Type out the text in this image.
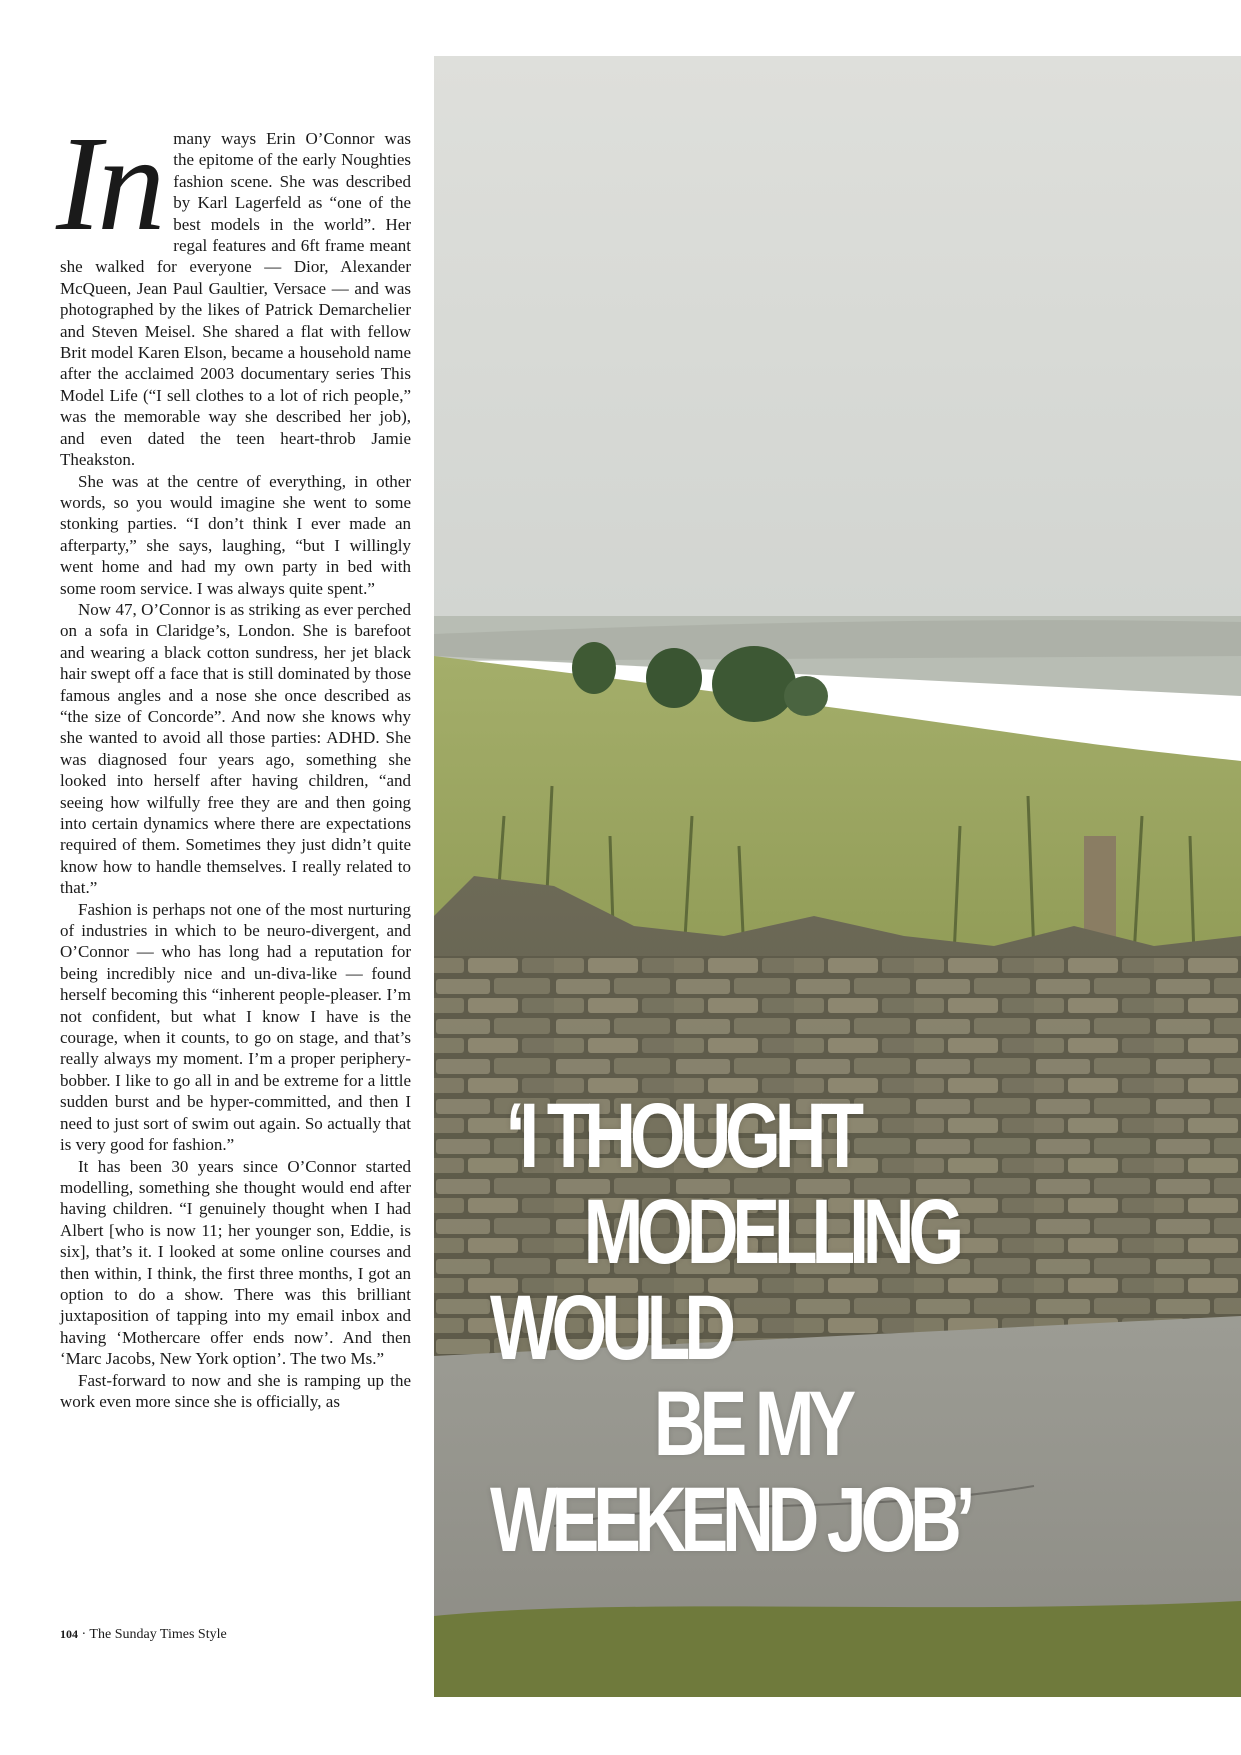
In many ways Erin O’Connor was the epitome of the early Noughties fashion scene. She was described by Karl Lagerfeld as “one of the best models in the world”. Her regal features and 6ft frame meant she walked for everyone — Dior, Alexander McQueen, Jean Paul Gaultier, Versace — and was photographed by the likes of Patrick Demarchelier and Steven Meisel. She shared a flat with fellow Brit model Karen Elson, became a household name after the acclaimed 2003 documentary series This Model Life (“I sell clothes to a lot of rich people,” was the memorable way she described her job), and even dated the teen heart-throb Jamie Theakston.

She was at the centre of everything, in other words, so you would imagine she went to some stonking parties. “I don’t think I ever made an afterparty,” she says, laughing, “but I willingly went home and had my own party in bed with some room service. I was always quite spent.”

Now 47, O’Connor is as striking as ever perched on a sofa in Claridge’s, London. She is barefoot and wearing a black cotton sundress, her jet black hair swept off a face that is still dominated by those famous angles and a nose she once described as “the size of Concorde”. And now she knows why she wanted to avoid all those parties: ADHD. She was diagnosed four years ago, something she looked into herself after having children, “and seeing how wilfully free they are and then going into certain dynamics where there are expectations required of them. Sometimes they just didn’t quite know how to handle themselves. I really related to that.”

Fashion is perhaps not one of the most nurturing of industries in which to be neuro-divergent, and O’Connor — who has long had a reputation for being incredibly nice and un-diva-like — found herself becoming this “inherent people-pleaser. I’m not confident, but what I know I have is the courage, when it counts, to go on stage, and that’s really always my moment. I’m a proper periphery-bobber. I like to go all in and be extreme for a little sudden burst and be hyper-committed, and then I need to just sort of swim out again. So actually that is very good for fashion.”

It has been 30 years since O’Connor started modelling, something she thought would end after having children. “I genuinely thought when I had Albert [who is now 11; her younger son, Eddie, is six], that’s it. I looked at some online courses and then within, I think, the first three months, I got an option to do a show. There was this brilliant juxtaposition of tapping into my email inbox and having ‘Mothercare offer ends now’. And then ‘Marc Jacobs, New York option’. The two Ms.”

Fast-forward to now and she is ramping up the work even more since she is officially, as

104 · The Sunday Times Style
‘I THOUGHT
MODELLING
WOULD
BE MY
WEEKEND JOB’
